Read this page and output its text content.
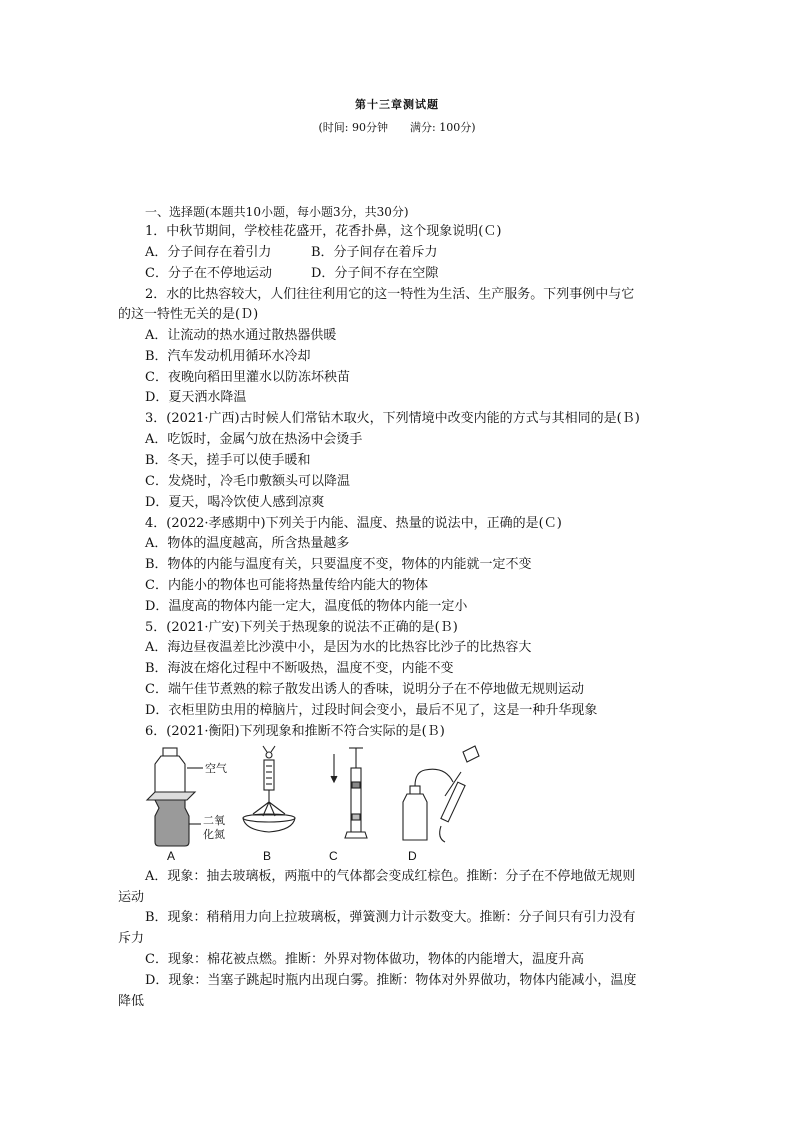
第十三章测试题
(时间: 90分钟　　满分: 100分)
一、选择题(本题共10小题，每小题3分，共30分)
1．中秋节期间，学校桂花盛开，花香扑鼻，这个现象说明(Ｃ)
A．分子间存在着引力	B．分子间存在着斥力
C．分子在不停地运动	D．分子间不存在空隙
2．水的比热容较大，人们往往利用它的这一特性为生活、生产服务。下列事例中与它
的这一特性无关的是(Ｄ)
A．让流动的热水通过散热器供暖
B．汽车发动机用循环水冷却
C．夜晚向稻田里灌水以防冻坏秧苗
D．夏天洒水降温
3．(2021·广西)古时候人们常钻木取火，下列情境中改变内能的方式与其相同的是(Ｂ)
A．吃饭时，金属勺放在热汤中会烫手
B．冬天，搓手可以使手暖和
C．发烧时，冷毛巾敷额头可以降温
D．夏天，喝冷饮使人感到凉爽
4．(2022·孝感期中)下列关于内能、温度、热量的说法中，正确的是(Ｃ)
A．物体的温度越高，所含热量越多
B．物体的内能与温度有关，只要温度不变，物体的内能就一定不变
C．内能小的物体也可能将热量传给内能大的物体
D．温度高的物体内能一定大，温度低的物体内能一定小
5．(2021·广安)下列关于热现象的说法不正确的是(Ｂ)
A．海边昼夜温差比沙漠中小，是因为水的比热容比沙子的比热容大
B．海波在熔化过程中不断吸热，温度不变，内能不变
C．端午佳节煮熟的粽子散发出诱人的香味，说明分子在不停地做无规则运动
D．衣柜里防虫用的樟脑片，过段时间会变小，最后不见了，这是一种升华现象
6．(2021·衡阳)下列现象和推断不符合实际的是(Ｂ)
空气
二氧
化氮
A	B	C	D
A．现象：抽去玻璃板，两瓶中的气体都会变成红棕色。推断：分子在不停地做无规则
运动
B．现象：稍稍用力向上拉玻璃板，弹簧测力计示数变大。推断：分子间只有引力没有
斥力
C．现象：棉花被点燃。推断：外界对物体做功，物体的内能增大，温度升高
D．现象：当塞子跳起时瓶内出现白雾。推断：物体对外界做功，物体内能减小，温度
降低
